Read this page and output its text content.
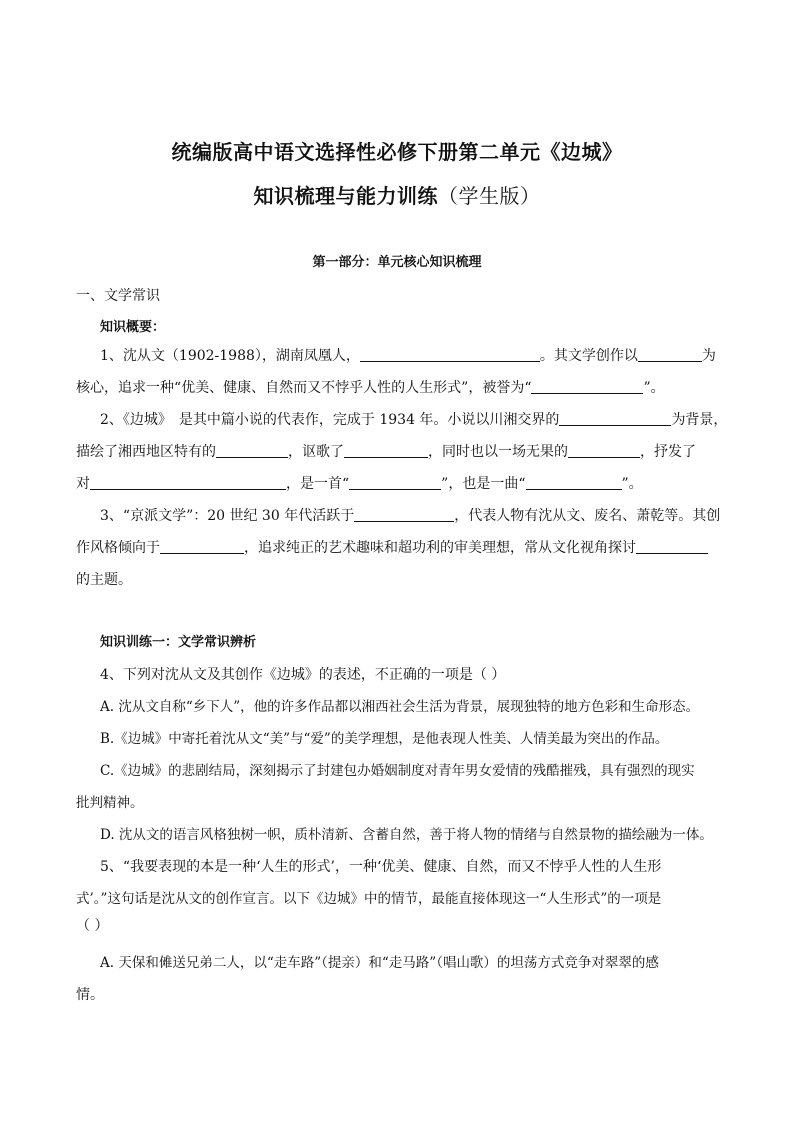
统编版高中语文选择性必修下册第二单元《边城》
知识梳理与能力训练（学生版）
第一部分：单元核心知识梳理
一、文学常识
知识概要：
1、沈从文（1902-1988），湖南凤凰人，	。其文学创作以	为
核心，追求一种“优美、健康、自然而又不悖乎人性的人生形式”，被誉为“	”。
2、《边城》　是其中篇小说的代表作，完成于 1934 年。小说以川湘交界的	为背景，
描绘了湘西地区特有的	，讴歌了	，同时也以一场无果的	，抒发了
对	，是一首“	”，也是一曲“	”。
3、“京派文学”：20 世纪 30 年代活跃于	，代表人物有沈从文、废名、萧乾等。其创
作风格倾向于	，追求纯正的艺术趣味和超功利的审美理想，常从文化视角探讨
的主题。
知识训练一：文学常识辨析
4、下列对沈从文及其创作《边城》的表述，不正确的一项是（ ）
A. 沈从文自称“乡下人”，他的许多作品都以湘西社会生活为背景，展现独特的地方色彩和生命形态。
B.《边城》中寄托着沈从文“美”与“爱”的美学理想，是他表现人性美、人情美最为突出的作品。
C.《边城》的悲剧结局，深刻揭示了封建包办婚姻制度对青年男女爱情的残酷摧残，具有强烈的现实
批判精神。
D. 沈从文的语言风格独树一帜，质朴清新、含蓄自然，善于将人物的情绪与自然景物的描绘融为一体。
5、“我要表现的本是一种‘人生的形式’，一种‘优美、健康、自然，而又不悖乎人性的人生形
式’。”这句话是沈从文的创作宣言。以下《边城》中的情节，最能直接体现这一“人生形式”的一项是
（ ）
A. 天保和傩送兄弟二人，以“走车路”（提亲）和“走马路”（唱山歌）的坦荡方式竞争对翠翠的感
情。
